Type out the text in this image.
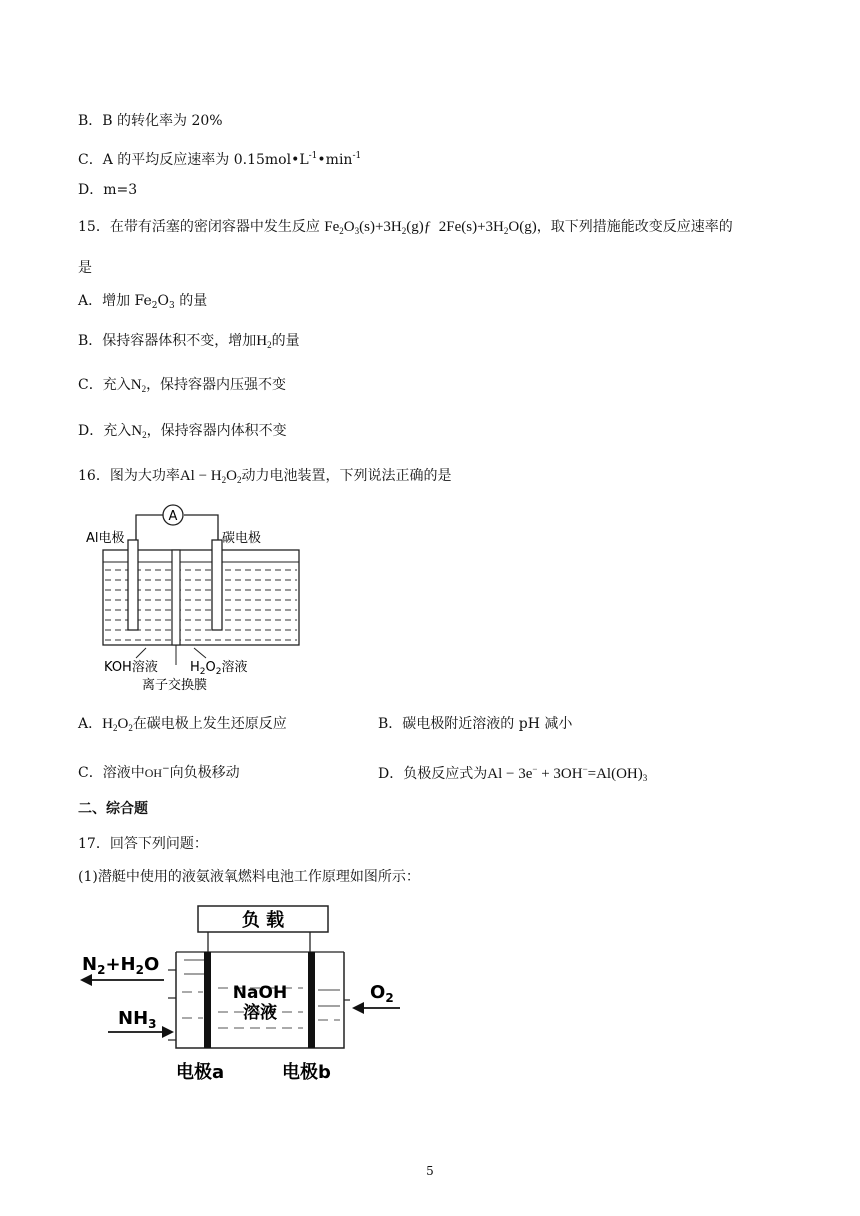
B．B 的转化率为 20%
C．A 的平均反应速率为 $0.15mol•L^{-1}•\min^{-1}$
D．m=3
15．在带有活塞的密闭容器中发生反应 $Fe_2O_3(s)+3H_2(g)ƒ$  $2Fe(s)+3H_2O(g)$，取下列措施能改变反应速率的
是
A．增加 $Fe_2O_3$ 的量
B．保持容器体积不变，增加$H_2$的量
C．充入$N_2$，保持容器内压强不变
D．充入$N_2$，保持容器内体积不变
16．图为大功率$Al - H_2O_2$动力电池装置，下列说法正确的是
A
Al电极	碳电极
KOH溶液 $H_2O_2$溶液
离子交换膜
A．$H_2O_2$在碳电极上发生还原反应	B．碳电极附近溶液的 pH 减小
C．溶液中OH−向负极移动	D．负极反应式为$Al - 3e^- + 3OH^-=Al(OH)_3$
二、综合题
17．回答下列问题：
(1)潜艇中使用的液氨液氧燃料电池工作原理如图所示：
负 载
$N_2+H_2O$
$NH_3$
$O_2$
NaOH
溶液
电极a	电极b
5
